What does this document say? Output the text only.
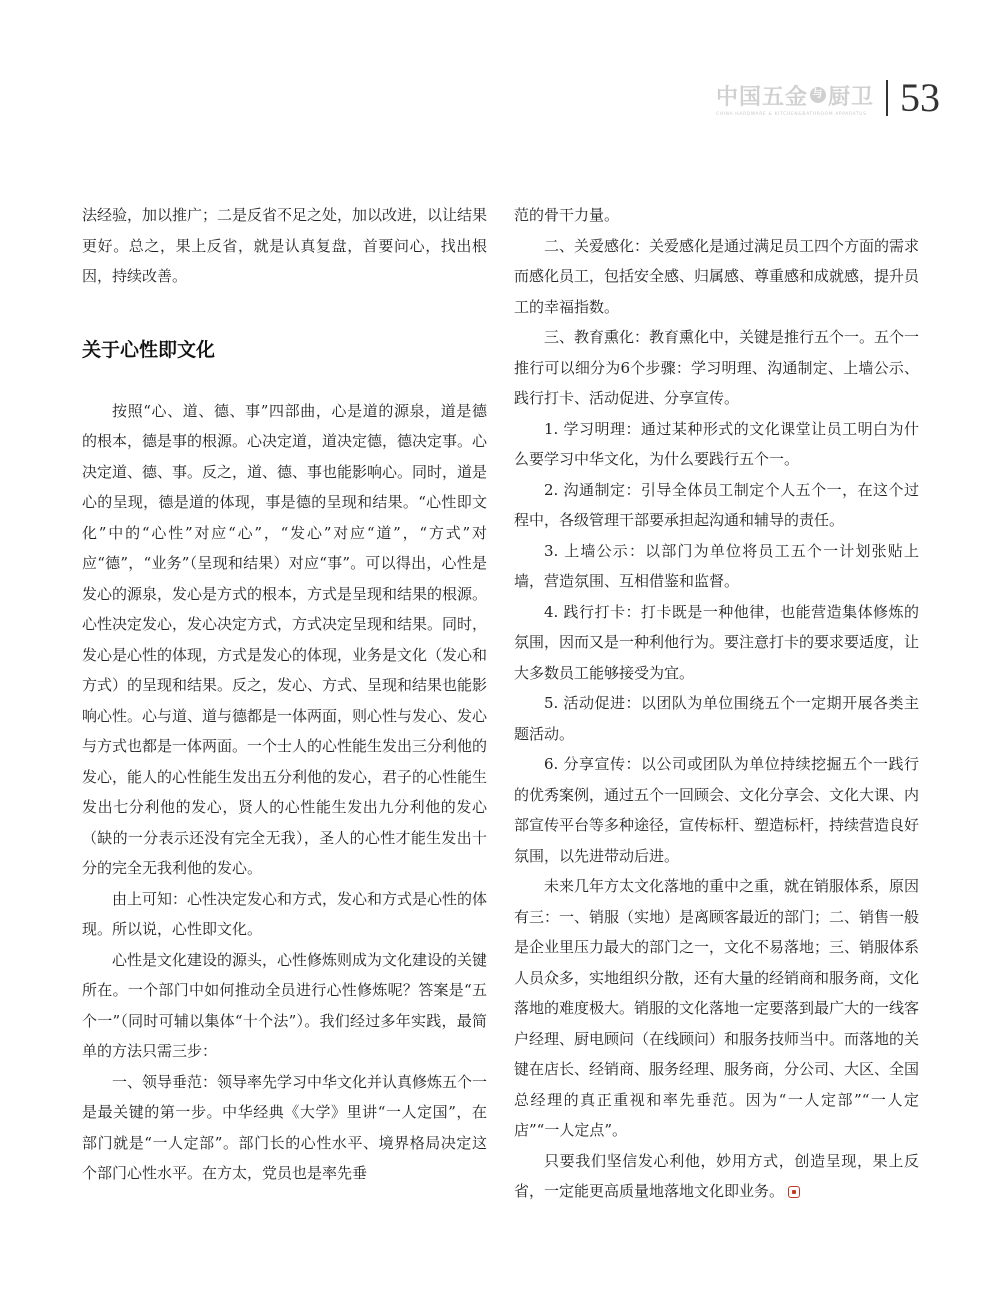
中国五金 与 厨卫
CHINA HARDWARE & KITCHEN&BATHROOM APPARATUS 53

法经验，加以推广；二是反省不足之处，加以改进，以让结果更好。总之，果上反省，就是认真复盘，首要问心，找出根因，持续改善。

关于心性即文化

按照“心、道、德、事”四部曲，心是道的源泉，道是德的根本，德是事的根源。心决定道，道决定德，德决定事。心决定道、德、事。反之，道、德、事也能影响心。同时，道是心的呈现，德是道的体现，事是德的呈现和结果。“心性即文化”中的“心性”对应“心”，“发心”对应“道”，“方式”对应“德”，“业务”（呈现和结果）对应“事”。可以得出，心性是发心的源泉，发心是方式的根本，方式是呈现和结果的根源。心性决定发心，发心决定方式，方式决定呈现和结果。同时，发心是心性的体现，方式是发心的体现，业务是文化（发心和方式）的呈现和结果。反之，发心、方式、呈现和结果也能影响心性。心与道、道与德都是一体两面，则心性与发心、发心与方式也都是一体两面。一个士人的心性能生发出三分利他的发心，能人的心性能生发出五分利他的发心，君子的心性能生发出七分利他的发心，贤人的心性能生发出九分利他的发心（缺的一分表示还没有完全无我），圣人的心性才能生发出十分的完全无我利他的发心。

由上可知：心性决定发心和方式，发心和方式是心性的体现。所以说，心性即文化。

心性是文化建设的源头，心性修炼则成为文化建设的关键所在。一个部门中如何推动全员进行心性修炼呢？答案是“五个一”（同时可辅以集体“十个法”）。我们经过多年实践，最简单的方法只需三步：

一、领导垂范：领导率先学习中华文化并认真修炼五个一是最关键的第一步。中华经典《大学》里讲“一人定国”，在部门就是“一人定部”。部门长的心性水平、境界格局决定这个部门心性水平。在方太，党员也是率先垂

范的骨干力量。

二、关爱感化：关爱感化是通过满足员工四个方面的需求而感化员工，包括安全感、归属感、尊重感和成就感，提升员工的幸福指数。

三、教育熏化：教育熏化中，关键是推行五个一。五个一推行可以细分为6个步骤：学习明理、沟通制定、上墙公示、践行打卡、活动促进、分享宣传。

1. 学习明理：通过某种形式的文化课堂让员工明白为什么要学习中华文化，为什么要践行五个一。

2. 沟通制定：引导全体员工制定个人五个一，在这个过程中，各级管理干部要承担起沟通和辅导的责任。

3. 上墙公示：以部门为单位将员工五个一计划张贴上墙，营造氛围、互相借鉴和监督。

4. 践行打卡：打卡既是一种他律，也能营造集体修炼的氛围，因而又是一种利他行为。要注意打卡的要求要适度，让大多数员工能够接受为宜。

5. 活动促进：以团队为单位围绕五个一定期开展各类主题活动。

6. 分享宣传：以公司或团队为单位持续挖掘五个一践行的优秀案例，通过五个一回顾会、文化分享会、文化大课、内部宣传平台等多种途径，宣传标杆、塑造标杆，持续营造良好氛围，以先进带动后进。

未来几年方太文化落地的重中之重，就在销服体系，原因有三：一、销服（实地）是离顾客最近的部门；二、销售一般是企业里压力最大的部门之一，文化不易落地；三、销服体系人员众多，实地组织分散，还有大量的经销商和服务商，文化落地的难度极大。销服的文化落地一定要落到最广大的一线客户经理、厨电顾问（在线顾问）和服务技师当中。而落地的关键在店长、经销商、服务经理、服务商，分公司、大区、全国总经理的真正重视和率先垂范。因为“一人定部”“一人定店”“一人定点”。

只要我们坚信发心利他，妙用方式，创造呈现，果上反省，一定能更高质量地落地文化即业务。
